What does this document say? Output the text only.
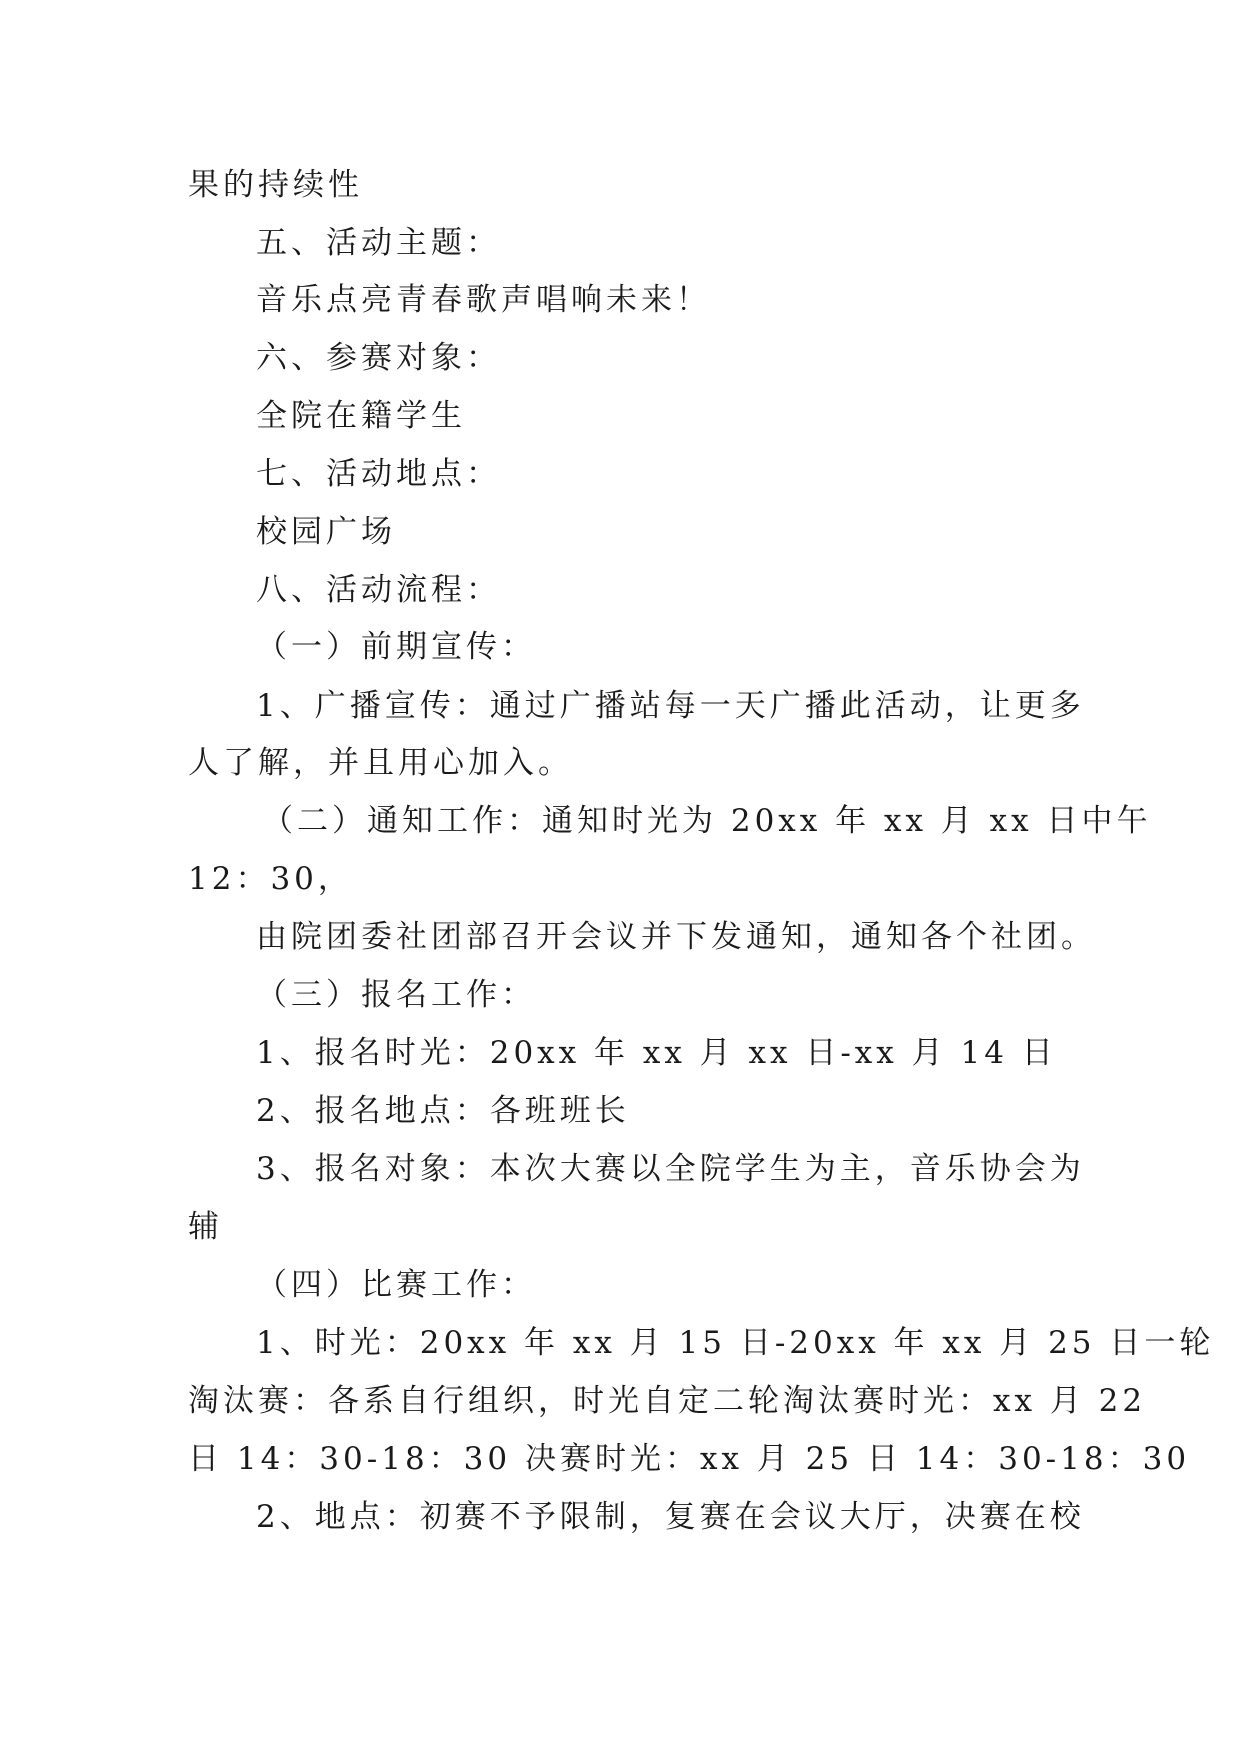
果的持续性
五、活动主题：
音乐点亮青春歌声唱响未来！
六、参赛对象：
全院在籍学生
七、活动地点：
校园广场
八、活动流程：
（一）前期宣传：
1、广播宣传：通过广播站每一天广播此活动，让更多
人了解，并且用心加入。
（二）通知工作：通知时光为 20xx 年 xx 月 xx 日中午
12：30，
由院团委社团部召开会议并下发通知，通知各个社团。
（三）报名工作：
1、报名时光：20xx 年 xx 月 xx 日-xx 月 14 日
2、报名地点：各班班长
3、报名对象：本次大赛以全院学生为主，音乐协会为
辅
（四）比赛工作：
1、时光：20xx 年 xx 月 15 日-20xx 年 xx 月 25 日一轮
淘汰赛：各系自行组织，时光自定二轮淘汰赛时光：xx 月 22
日 14：30-18：30 决赛时光：xx 月 25 日 14：30-18：30
2、地点：初赛不予限制，复赛在会议大厅，决赛在校
